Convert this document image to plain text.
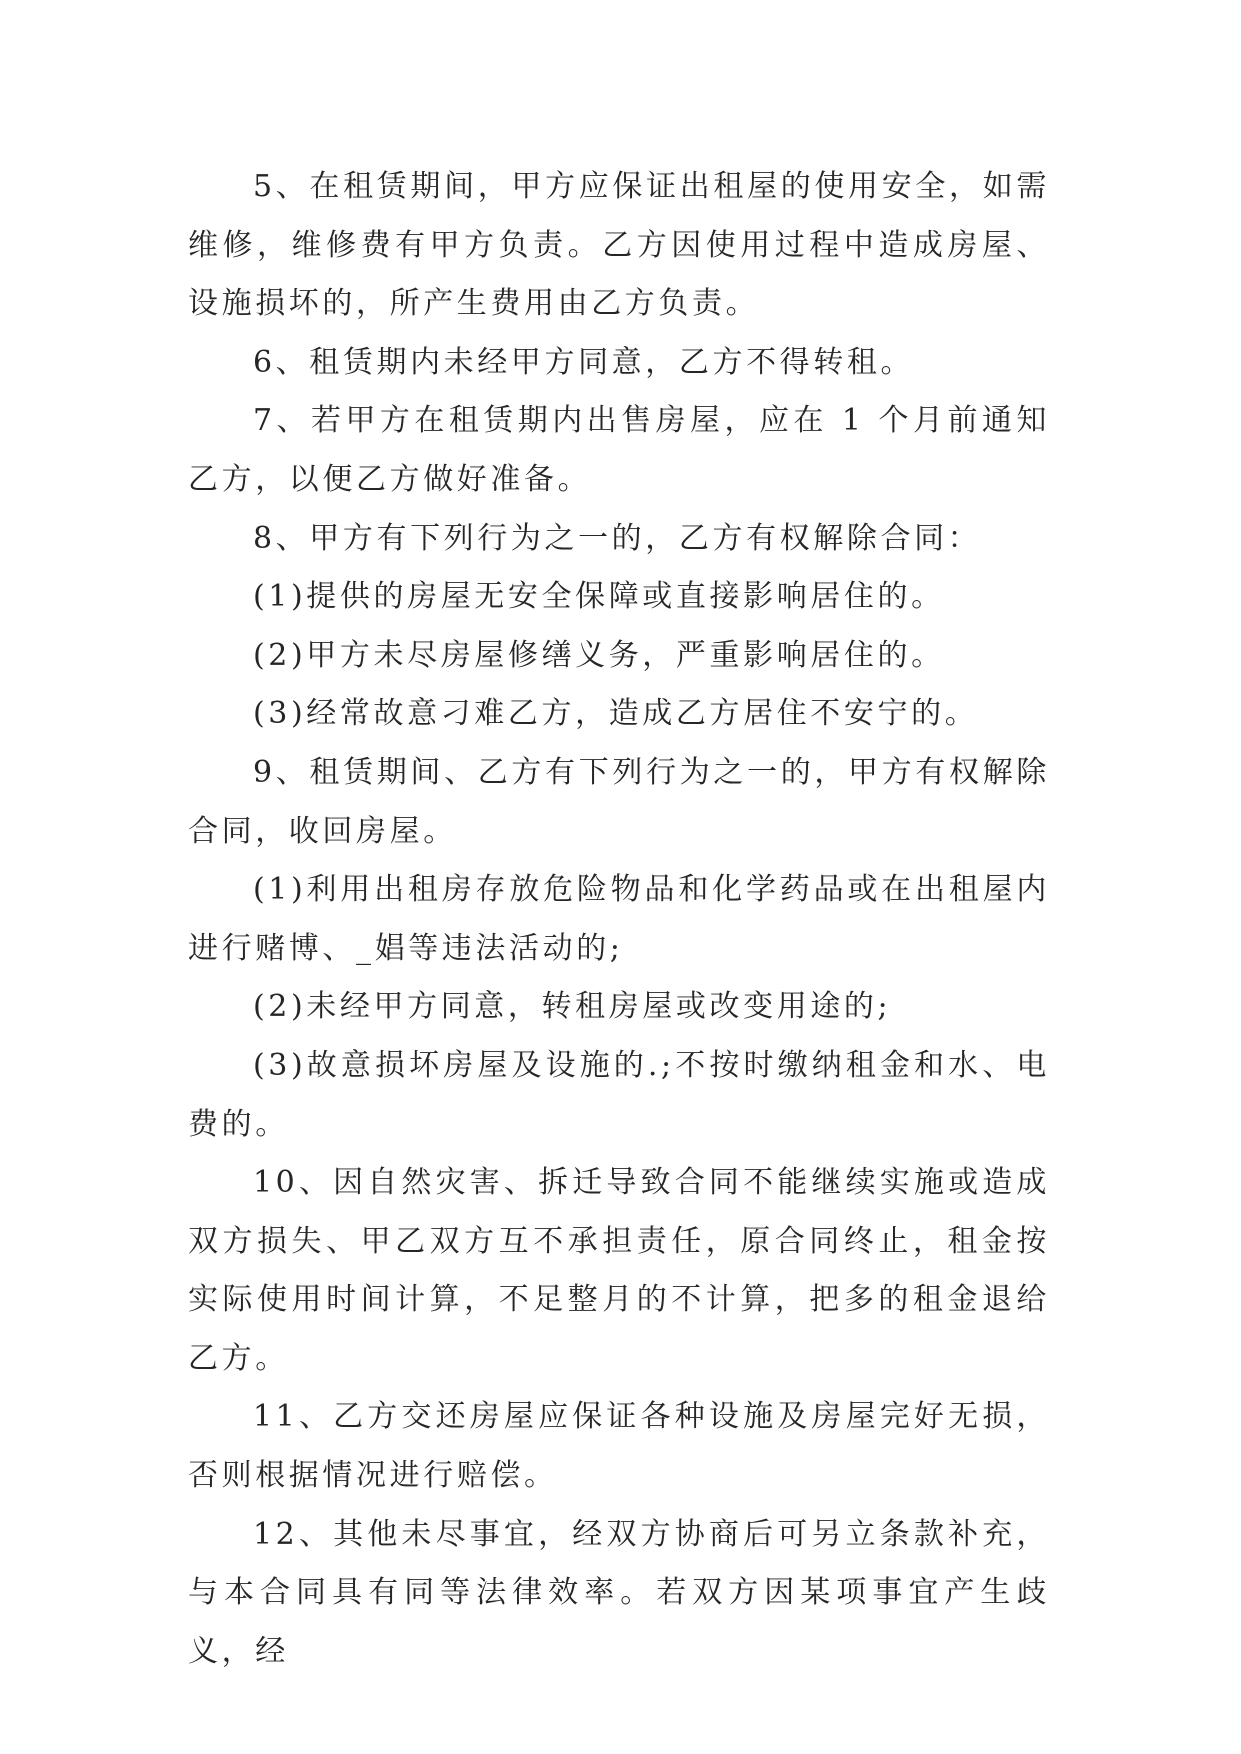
5、在租赁期间，甲方应保证出租屋的使用安全，如需维修，维修费有甲方负责。乙方因使用过程中造成房屋、设施损坏的，所产生费用由乙方负责。

6、租赁期内未经甲方同意，乙方不得转租。

7、若甲方在租赁期内出售房屋，应在 1 个月前通知乙方，以便乙方做好准备。

8、甲方有下列行为之一的，乙方有权解除合同：

(1)提供的房屋无安全保障或直接影响居住的。

(2)甲方未尽房屋修缮义务，严重影响居住的。

(3)经常故意刁难乙方，造成乙方居住不安宁的。

9、租赁期间、乙方有下列行为之一的，甲方有权解除合同，收回房屋。

(1)利用出租房存放危险物品和化学药品或在出租屋内进行赌博、_娼等违法活动的;

(2)未经甲方同意，转租房屋或改变用途的;

(3)故意损坏房屋及设施的.;不按时缴纳租金和水、电费的。

10、因自然灾害、拆迁导致合同不能继续实施或造成双方损失、甲乙双方互不承担责任，原合同终止，租金按实际使用时间计算，不足整月的不计算，把多的租金退给乙方。

11、乙方交还房屋应保证各种设施及房屋完好无损，否则根据情况进行赔偿。

12、其他未尽事宜，经双方协商后可另立条款补充，与本合同具有同等法律效率。若双方因某项事宜产生歧义，经
